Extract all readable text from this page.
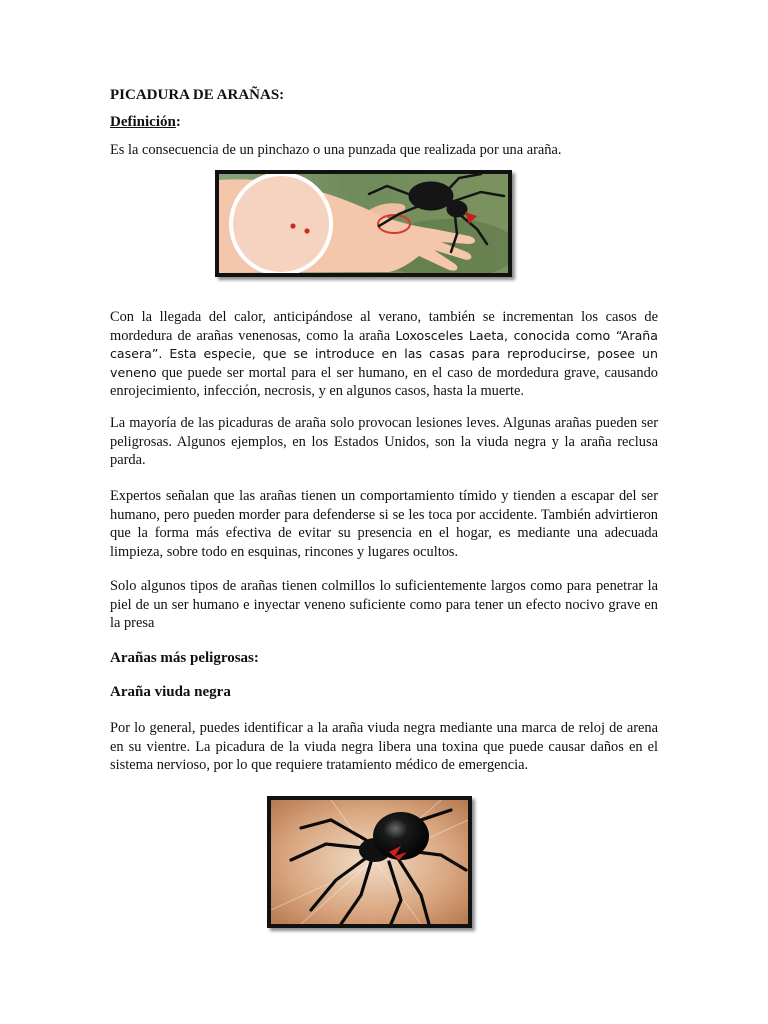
PICADURA DE ARAÑAS:

Definición:

Es la consecuencia de un pinchazo o una punzada que realizada por una araña.

Con la llegada del calor, anticipándose al verano, también se incrementan los casos de mordedura de arañas venenosas, como la araña Loxosceles Laeta, conocida como “Araña casera”. Esta especie, que se introduce en las casas para reproducirse, posee un veneno que puede ser mortal para el ser humano, en el caso de mordedura grave, causando enrojecimiento, infección, necrosis, y en algunos casos, hasta la muerte.

La mayoría de las picaduras de araña solo provocan lesiones leves. Algunas arañas pueden ser peligrosas. Algunos ejemplos, en los Estados Unidos, son la viuda negra y la araña reclusa parda.

Expertos señalan que las arañas tienen un comportamiento tímido y tienden a escapar del ser humano, pero pueden morder para defenderse si se les toca por accidente. También advirtieron que la forma más efectiva de evitar su presencia en el hogar, es mediante una adecuada limpieza, sobre todo en esquinas, rincones y lugares ocultos.

Solo algunos tipos de arañas tienen colmillos lo suficientemente largos como para penetrar la piel de un ser humano e inyectar veneno suficiente como para tener un efecto nocivo grave en la presa

Arañas más peligrosas:

Araña viuda negra

Por lo general, puedes identificar a la araña viuda negra mediante una marca de reloj de arena en su vientre. La picadura de la viuda negra libera una toxina que puede causar daños en el sistema nervioso, por lo que requiere tratamiento médico de emergencia.
